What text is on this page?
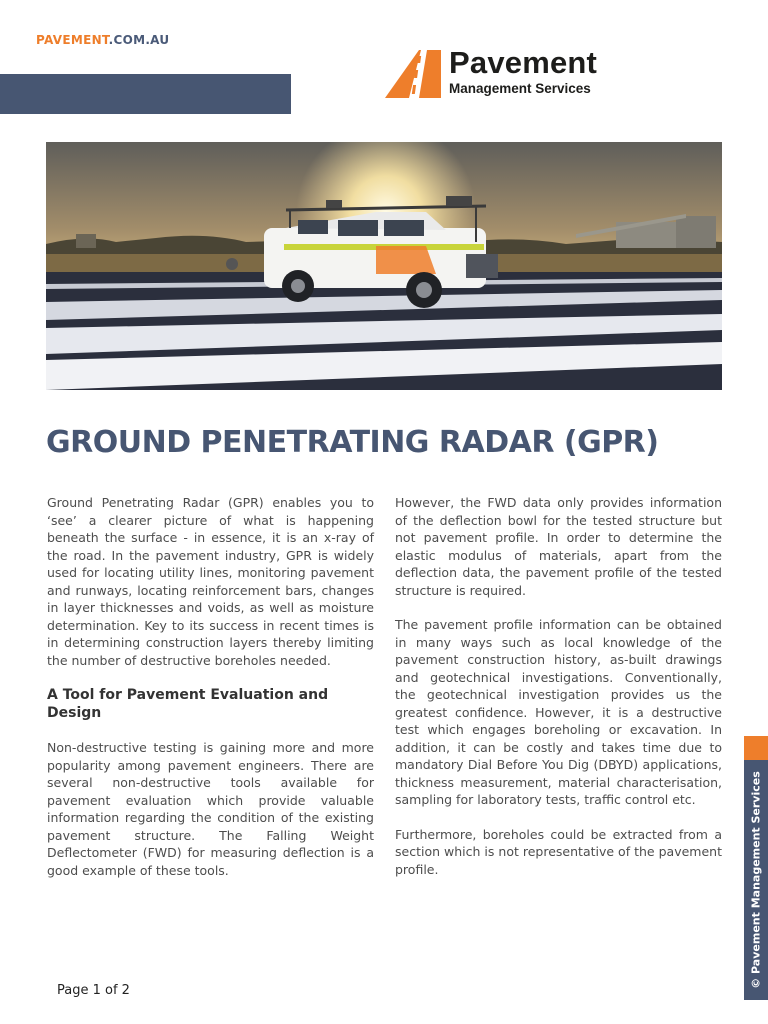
PAVEMENT.COM.AU
Pavement
Management Services
GROUND PENETRATING RADAR (GPR)

Ground Penetrating Radar (GPR) enables you to ‘see’ a clearer picture of what is happening beneath the surface - in essence, it is an x-ray of the road. In the pavement industry, GPR is widely used for locating utility lines, monitoring pavement and runways, locating reinforcement bars, changes in layer thicknesses and voids, as well as moisture determination. Key to its success in recent times is in determining construction layers thereby limiting the number of destructive boreholes needed.

A Tool for Pavement Evaluation and Design

Non-destructive testing is gaining more and more popularity among pavement engineers. There are several non-destructive tools available for pavement evaluation which provide valuable information regarding the condition of the existing pavement structure. The Falling Weight Deflectometer (FWD) for measuring deflection is a good example of these tools.

However, the FWD data only provides information of the deflection bowl for the tested structure but not pavement profile. In order to determine the elastic modulus of materials, apart from the deflection data, the pavement profile of the tested structure is required.

The pavement profile information can be obtained in many ways such as local knowledge of the pavement construction history, as-built drawings and geotechnical investigations. Conventionally, the geotechnical investigation provides us the greatest confidence. However, it is a destructive test which engages boreholing or excavation. In addition, it can be costly and takes time due to mandatory Dial Before You Dig (DBYD) applications, thickness measurement, material characterisation, sampling for laboratory tests, traffic control etc.

Furthermore, boreholes could be extracted from a section which is not representative of the pavement profile.

Page 1 of 2
© Pavement Management Services
